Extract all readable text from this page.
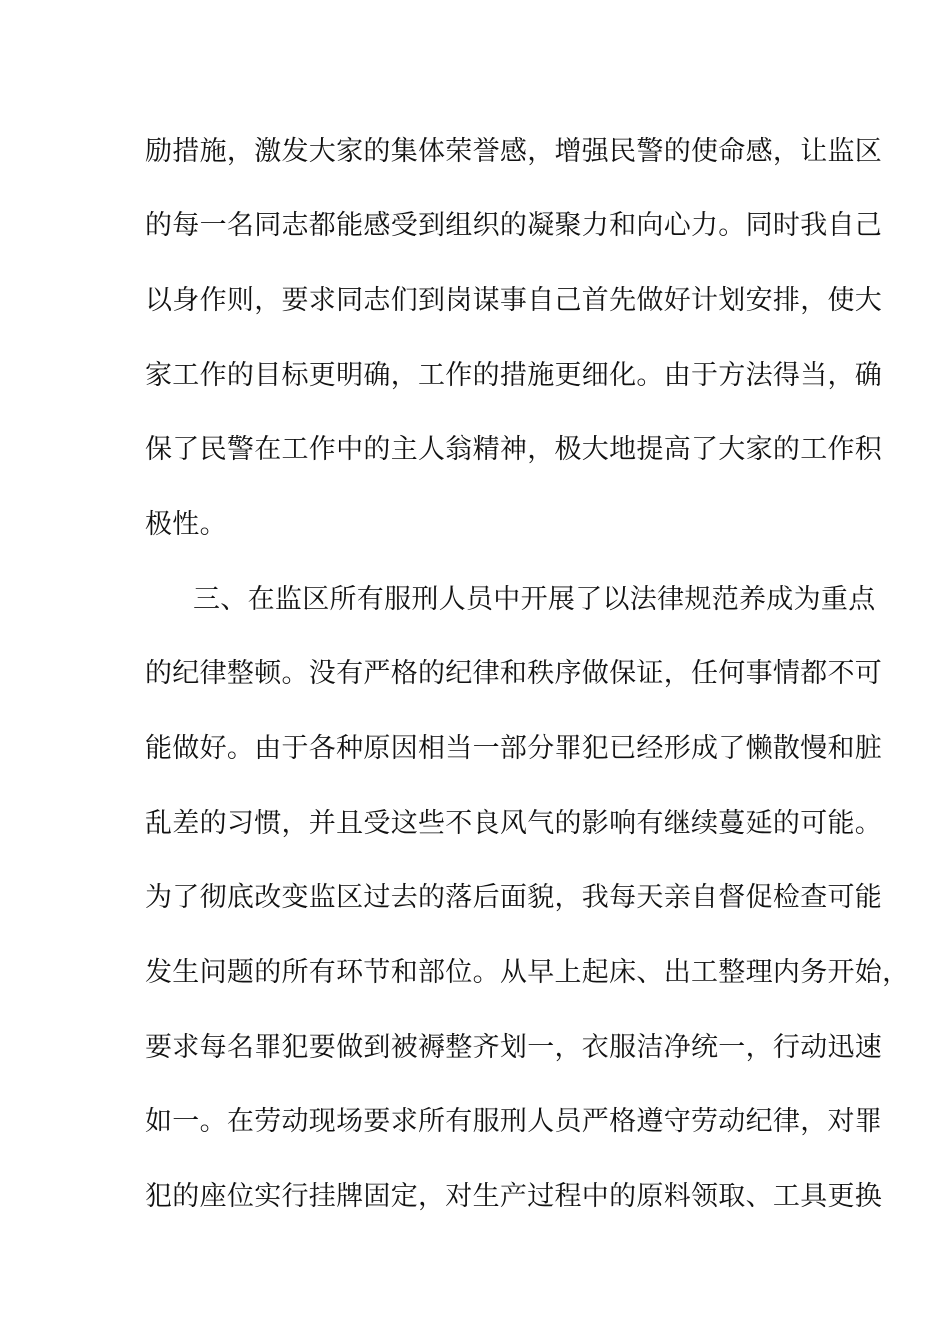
励措施，激发大家的集体荣誉感，增强民警的使命感，让监区

的每一名同志都能感受到组织的凝聚力和向心力。同时我自己

以身作则，要求同志们到岗谋事自己首先做好计划安排，使大

家工作的目标更明确，工作的措施更细化。由于方法得当，确

保了民警在工作中的主人翁精神，极大地提高了大家的工作积

极性。

三、在监区所有服刑人员中开展了以法律规范养成为重点

的纪律整顿。没有严格的纪律和秩序做保证，任何事情都不可

能做好。由于各种原因相当一部分罪犯已经形成了懒散慢和脏

乱差的习惯，并且受这些不良风气的影响有继续蔓延的可能。

为了彻底改变监区过去的落后面貌，我每天亲自督促检查可能

发生问题的所有环节和部位。从早上起床、出工整理内务开始，

要求每名罪犯要做到被褥整齐划一，衣服洁净统一，行动迅速

如一。在劳动现场要求所有服刑人员严格遵守劳动纪律，对罪

犯的座位实行挂牌固定，对生产过程中的原料领取、工具更换
